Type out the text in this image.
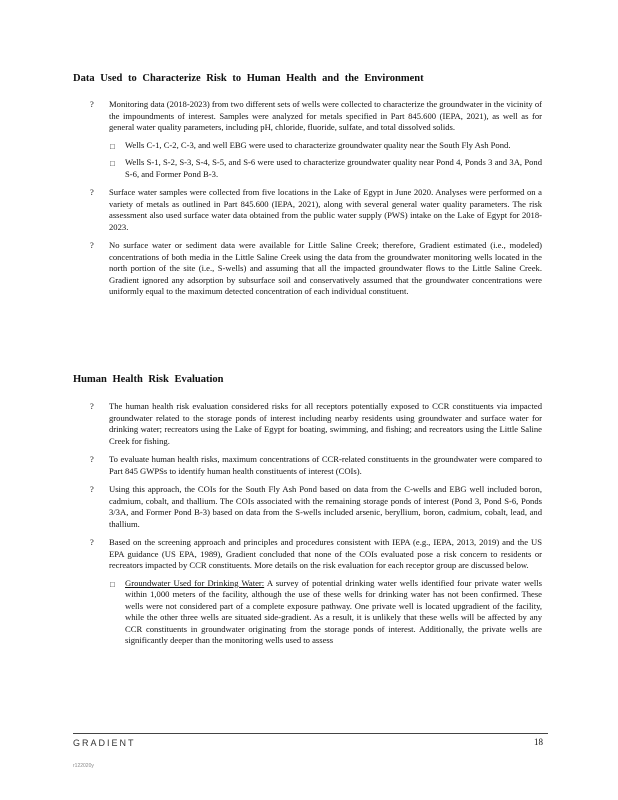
Data Used to Characterize Risk to Human Health and the Environment
? Monitoring data (2018-2023) from two different sets of wells were collected to characterize the groundwater in the vicinity of the impoundments of interest. Samples were analyzed for metals specified in Part 845.600 (IEPA, 2021), as well as for general water quality parameters, including pH, chloride, fluoride, sulfate, and total dissolved solids.
□ Wells C-1, C-2, C-3, and well EBG were used to characterize groundwater quality near the South Fly Ash Pond.
□ Wells S-1, S-2, S-3, S-4, S-5, and S-6 were used to characterize groundwater quality near Pond 4, Ponds 3 and 3A, Pond S-6, and Former Pond B-3.
? Surface water samples were collected from five locations in the Lake of Egypt in June 2020. Analyses were performed on a variety of metals as outlined in Part 845.600 (IEPA, 2021), along with several general water quality parameters. The risk assessment also used surface water data obtained from the public water supply (PWS) intake on the Lake of Egypt for 2018-2023.
? No surface water or sediment data were available for Little Saline Creek; therefore, Gradient estimated (i.e., modeled) concentrations of both media in the Little Saline Creek using the data from the groundwater monitoring wells located in the north portion of the site (i.e., S-wells) and assuming that all the impacted groundwater flows to the Little Saline Creek. Gradient ignored any adsorption by subsurface soil and conservatively assumed that the groundwater concentrations were uniformly equal to the maximum detected concentration of each individual constituent.
Human Health Risk Evaluation
? The human health risk evaluation considered risks for all receptors potentially exposed to CCR constituents via impacted groundwater related to the storage ponds of interest including nearby residents using groundwater and surface water for drinking water; recreators using the Lake of Egypt for boating, swimming, and fishing; and recreators using the Little Saline Creek for fishing.
? To evaluate human health risks, maximum concentrations of CCR-related constituents in the groundwater were compared to Part 845 GWPSs to identify human health constituents of interest (COIs).
? Using this approach, the COIs for the South Fly Ash Pond based on data from the C-wells and EBG well included boron, cadmium, cobalt, and thallium. The COIs associated with the remaining storage ponds of interest (Pond 3, Pond S-6, Ponds 3/3A, and Former Pond B-3) based on data from the S-wells included arsenic, beryllium, boron, cadmium, cobalt, lead, and thallium.
? Based on the screening approach and principles and procedures consistent with IEPA (e.g., IEPA, 2013, 2019) and the US EPA guidance (US EPA, 1989), Gradient concluded that none of the COIs evaluated pose a risk concern to residents or recreators impacted by CCR constituents. More details on the risk evaluation for each receptor group are discussed below.
□ Groundwater Used for Drinking Water: A survey of potential drinking water wells identified four private water wells within 1,000 meters of the facility, although the use of these wells for drinking water has not been confirmed. These wells were not considered part of a complete exposure pathway. One private well is located upgradient of the facility, while the other three wells are situated side-gradient. As a result, it is unlikely that these wells will be affected by any CCR constituents in groundwater originating from the storage ponds of interest. Additionally, the private wells are significantly deeper than the monitoring wells used to assess
GRADIENT	18
r122020y
